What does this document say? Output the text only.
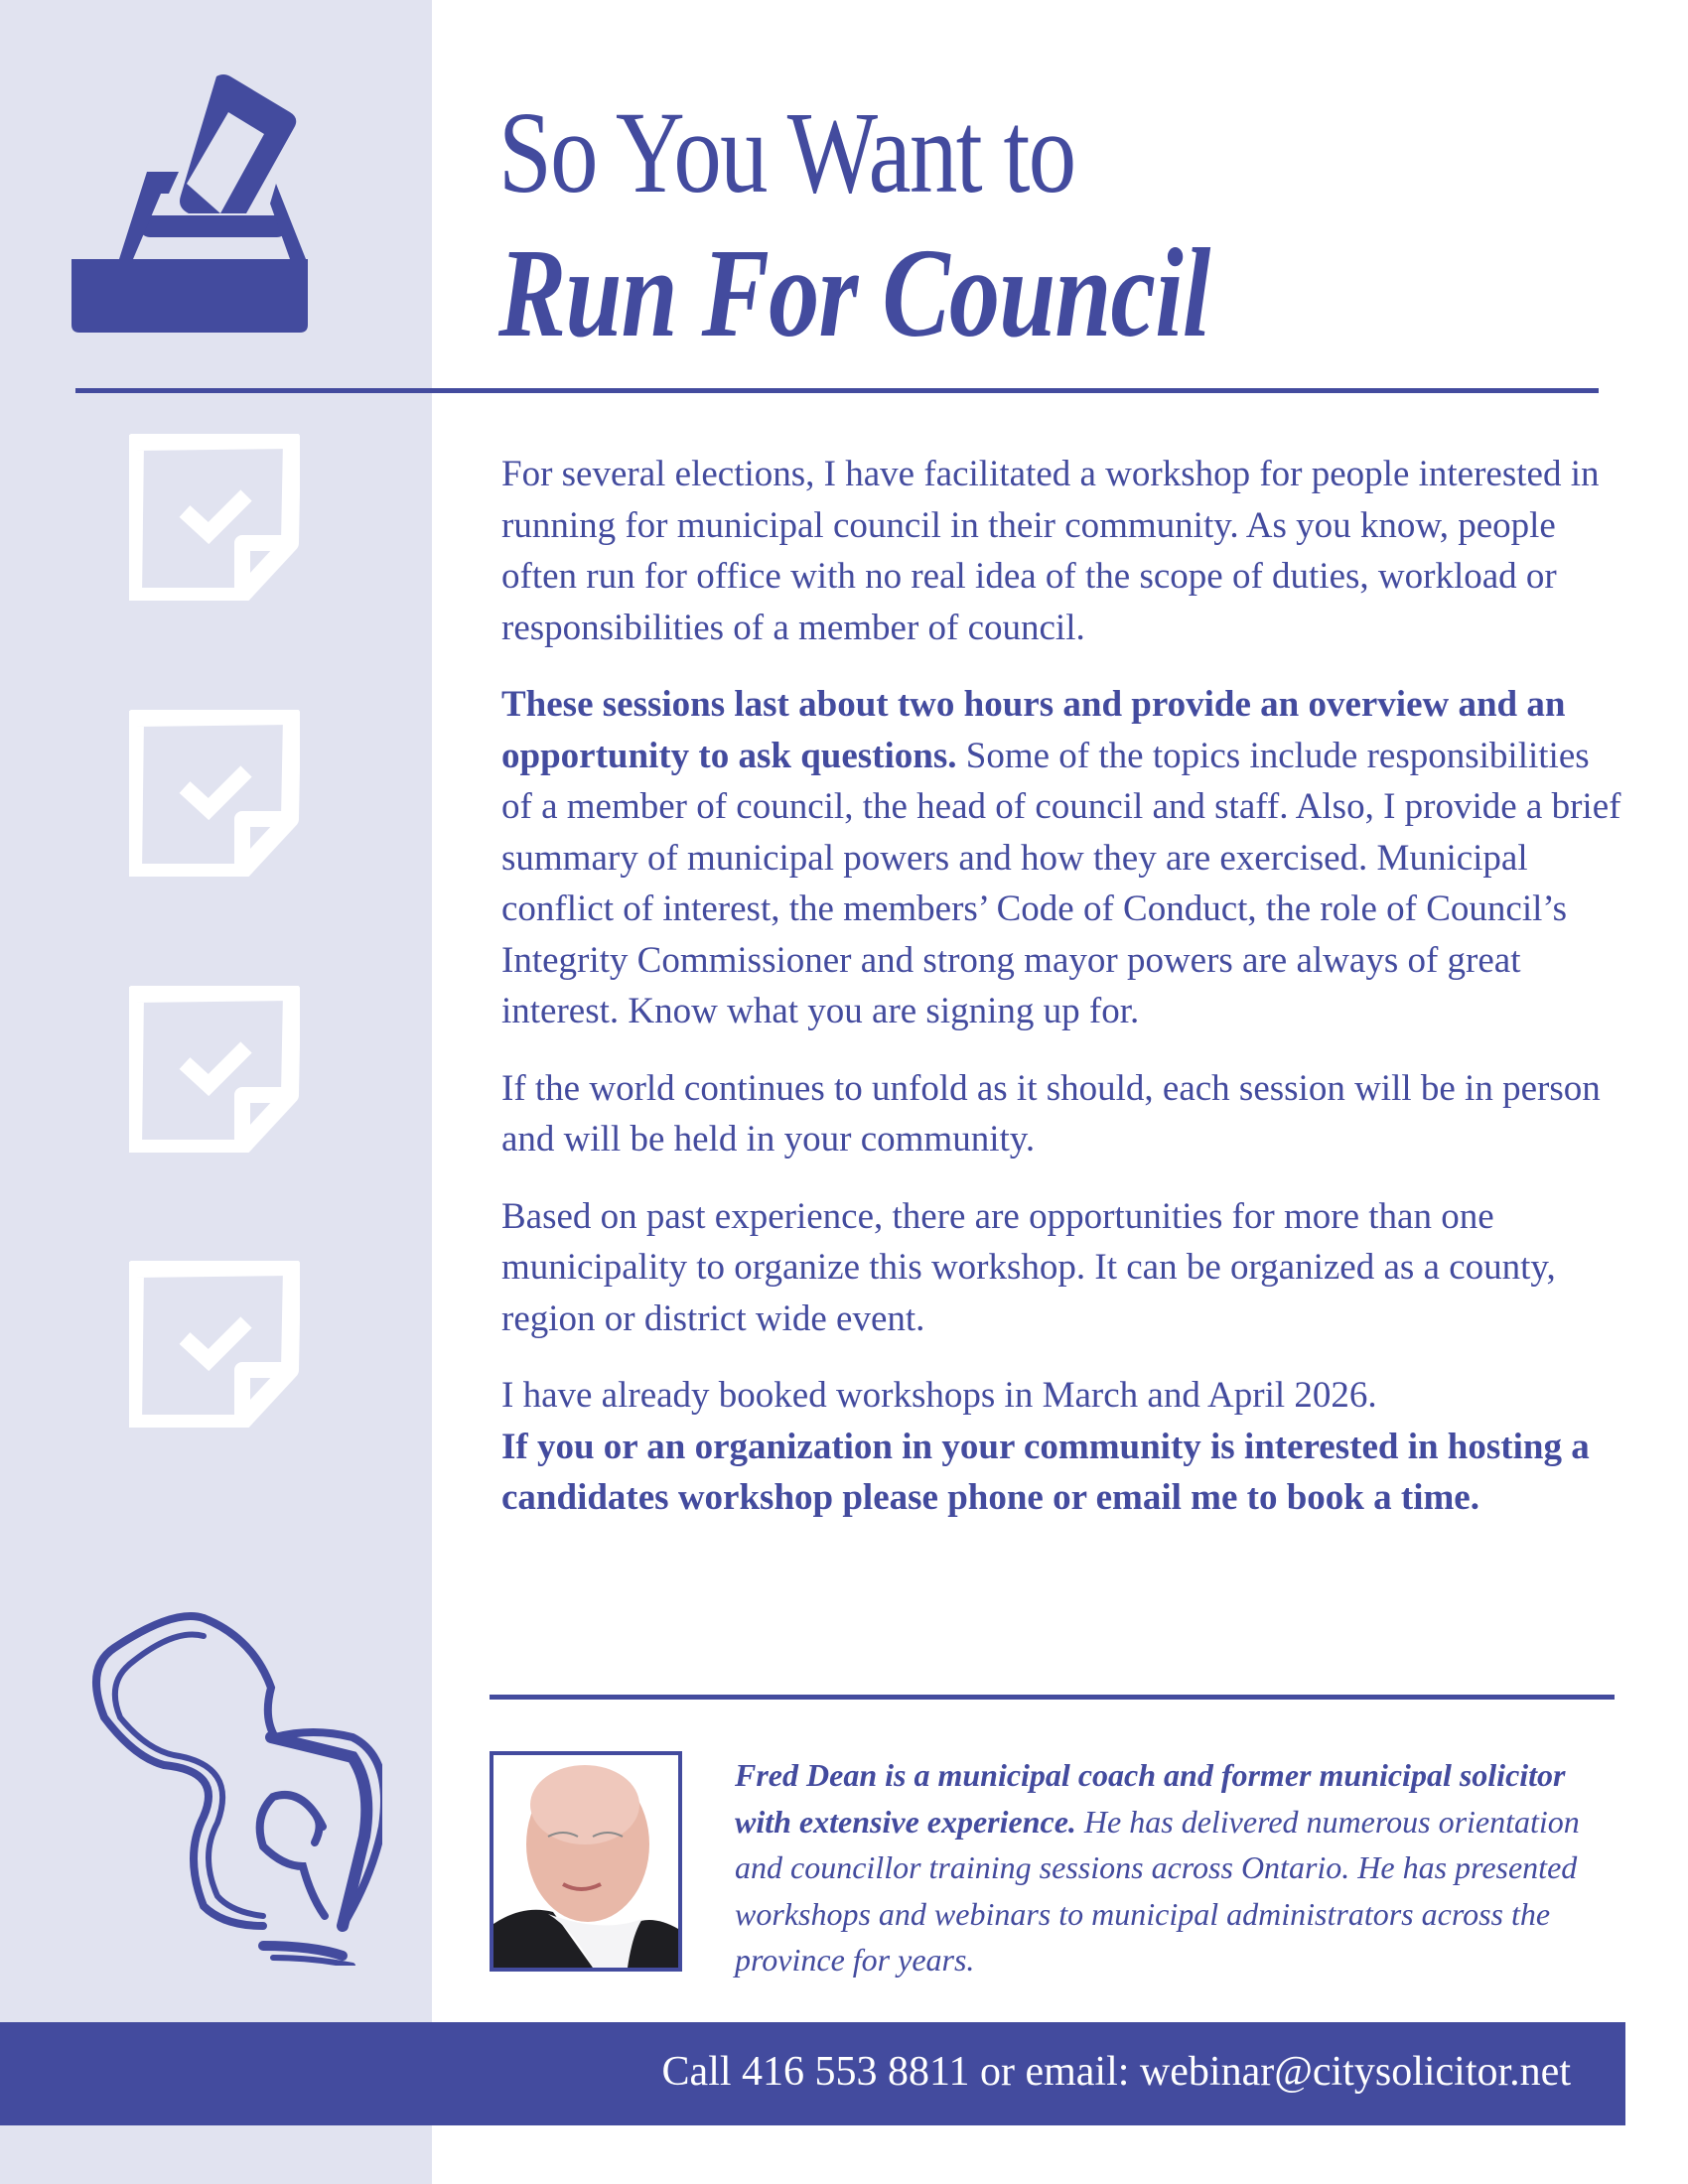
So You Want to
Run For Council

For several elections, I have facilitated a workshop for people interested in running for municipal council in their community. As you know, people often run for office with no real idea of the scope of duties, workload or responsibilities of a member of council.

These sessions last about two hours and provide an overview and an opportunity to ask questions. Some of the topics include responsibilities of a member of council, the head of council and staff. Also, I provide a brief summary of municipal powers and how they are exercised. Municipal conflict of interest, the members’ Code of Conduct, the role of Council’s Integrity Commissioner and strong mayor powers are always of great interest. Know what you are signing up for.

If the world continues to unfold as it should, each session will be in person and will be held in your community.

Based on past experience, there are opportunities for more than one municipality to organize this workshop. It can be organized as a county, region or district wide event.

I have already booked workshops in March and April 2026.
If you or an organization in your community is interested in hosting a candidates workshop please phone or email me to book a time.

Fred Dean is a municipal coach and former municipal solicitor with extensive experience. He has delivered numerous orientation and councillor training sessions across Ontario. He has presented workshops and webinars to municipal administrators across the province for years.
Call 416 553 8811 or email: webinar@citysolicitor.net
